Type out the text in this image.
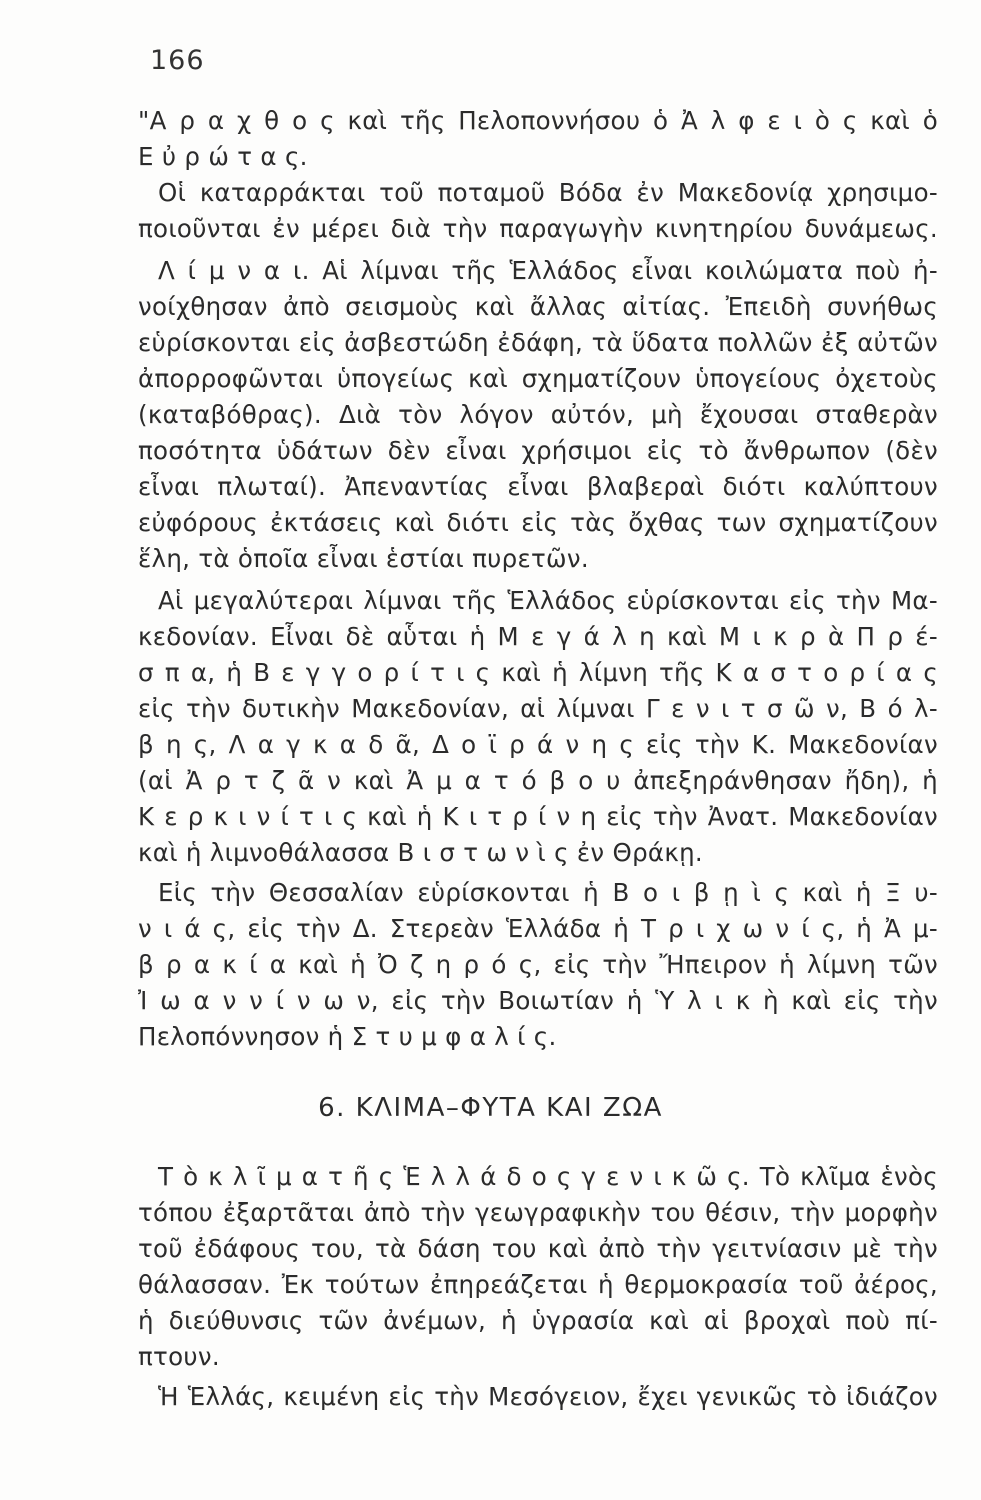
166
"Α ρ α χ θ ο ς καὶ τῆς Πελοποννήσου ὁ Ἀ λ φ ε ι ὸ ς καὶ ὁ
Ε ὐ ρ ώ τ α ς.
Οἱ καταρράκται τοῦ ποταμοῦ Βόδα ἐν Μακεδονίᾳ χρησιμο-
ποιοῦνται ἐν μέρει διὰ τὴν παραγωγὴν κινητηρίου δυνάμεως.
Λ ί μ ν α ι. Αἱ λίμναι τῆς Ἑλλάδος εἶναι κοιλώματα ποὺ ἠ-
νοίχθησαν ἀπὸ σεισμοὺς καὶ ἄλλας αἰτίας. Ἐπειδὴ συνήθως
εὑρίσκονται εἰς ἀσβεστώδη ἐδάφη, τὰ ὕδατα πολλῶν ἐξ αὐτῶν
ἀπορροφῶνται ὑπογείως καὶ σχηματίζουν ὑπογείους ὀχετοὺς
(καταβόθρας). Διὰ τὸν λόγον αὐτόν, μὴ ἔχουσαι σταθερὰν
ποσότητα ὑδάτων δὲν εἶναι χρήσιμοι εἰς τὸ ἄνθρωπον (δὲν
εἶναι πλωταί). Ἀπεναντίας εἶναι βλαβεραὶ διότι καλύπτουν
εὐφόρους ἐκτάσεις καὶ διότι εἰς τὰς ὄχθας των σχηματίζουν
ἕλη, τὰ ὁποῖα εἶναι ἑστίαι πυρετῶν.
Αἱ μεγαλύτεραι λίμναι τῆς Ἑλλάδος εὑρίσκονται εἰς τὴν Μα-
κεδονίαν. Εἶναι δὲ αὗται ἡ Μ ε γ ά λ η καὶ Μ ι κ ρ ὰ Π ρ έ-
σ π α, ἡ Β ε γ γ ο ρ ί τ ι ς καὶ ἡ λίμνη τῆς Κ α σ τ ο ρ ί α ς
εἰς τὴν δυτικὴν Μακεδονίαν, αἱ λίμναι Γ ε ν ι τ σ ῶ ν, Β ό λ-
β η ς, Λ α γ κ α δ ᾶ, Δ ο ϊ ρ ά ν η ς εἰς τὴν Κ. Μακεδονίαν
(αἱ Ἀ ρ τ ζ ᾶ ν καὶ Ἀ μ α τ ό β ο υ ἀπεξηράνθησαν ἤδη), ἡ
Κ ε ρ κ ι ν ί τ ι ς καὶ ἡ Κ ι τ ρ ί ν η εἰς τὴν Ἀνατ. Μακεδονίαν
καὶ ἡ λιμνοθάλασσα Β ι σ τ ω ν ὶ ς ἐν Θράκῃ.
Εἰς τὴν Θεσσαλίαν εὑρίσκονται ἡ Β ο ι β ῃ ὶ ς καὶ ἡ Ξ υ-
ν ι ά ς, εἰς τὴν Δ. Στερεὰν Ἑλλάδα ἡ Τ ρ ι χ ω ν ί ς, ἡ Ἀ μ-
β ρ α κ ί α καὶ ἡ Ὀ ζ η ρ ό ς, εἰς τὴν Ἤπειρον ἡ λίμνη τῶν
Ἰ ω α ν ν ί ν ω ν, εἰς τὴν Βοιωτίαν ἡ Ὑ λ ι κ ὴ καὶ εἰς τὴν
Πελοπόννησον ἡ Σ τ υ μ φ α λ ί ς.
6. ΚΛΙΜΑ–ΦΥΤΑ ΚΑΙ ΖΩΑ
Τ ὸ κ λ ῖ μ α τ ῆ ς Ἑ λ λ ά δ ο ς γ ε ν ι κ ῶ ς. Τὸ κλῖμα ἑνὸς
τόπου ἐξαρτᾶται ἀπὸ τὴν γεωγραφικὴν του θέσιν, τὴν μορφὴν
τοῦ ἐδάφους του, τὰ δάση του καὶ ἀπὸ τὴν γειτνίασιν μὲ τὴν
θάλασσαν. Ἐκ τούτων ἐπηρεάζεται ἡ θερμοκρασία τοῦ ἀέρος,
ἡ διεύθυνσις τῶν ἀνέμων, ἡ ὑγρασία καὶ αἱ βροχαὶ ποὺ πί-
πτουν.
Ἡ Ἑλλάς, κειμένη εἰς τὴν Μεσόγειον, ἔχει γενικῶς τὸ ἰδιάζον
